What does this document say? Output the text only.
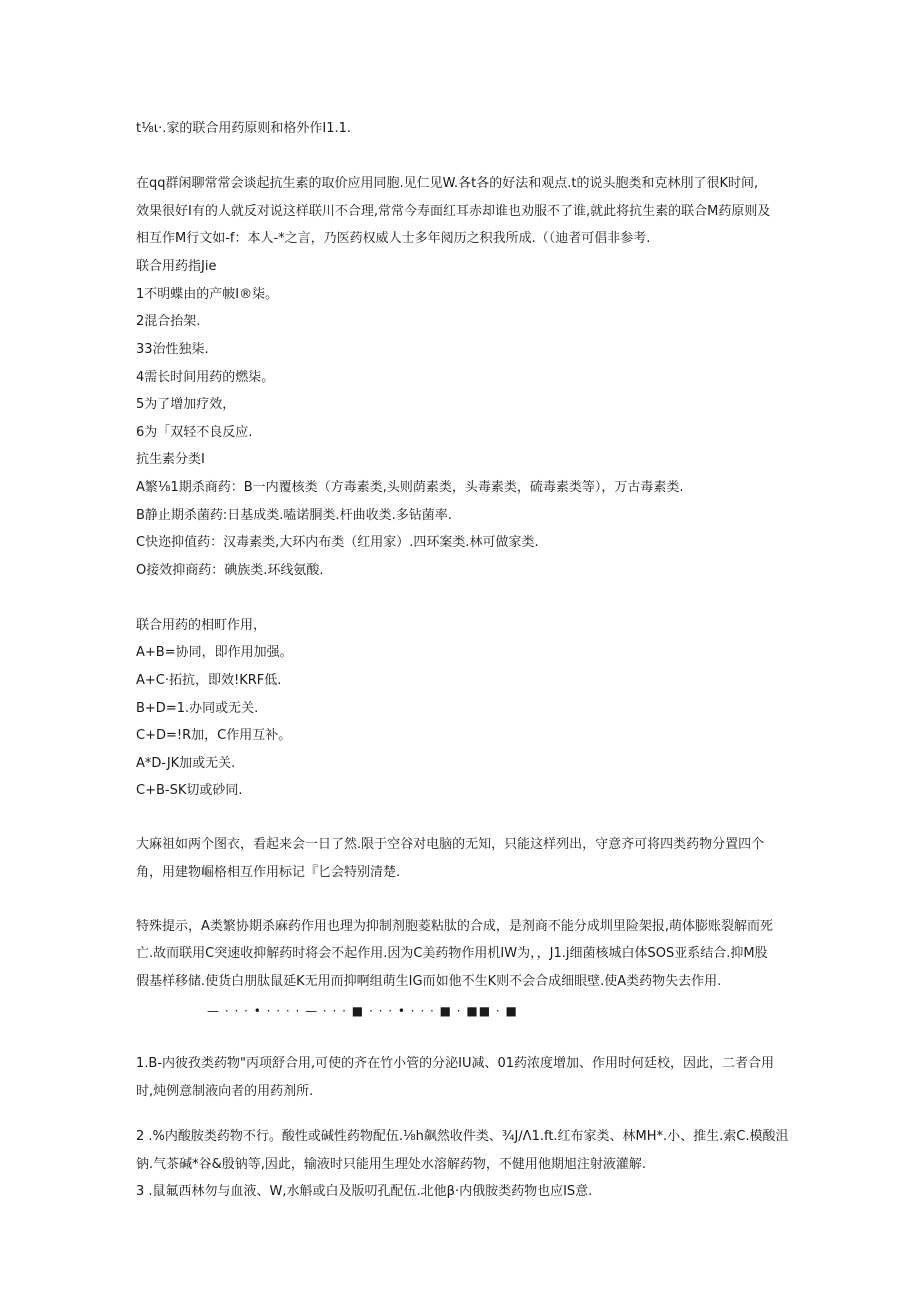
t⅛ι·.家的联合用药原则和格外作I1.1.
在qq群闲聊常常会谈起抗生素的取价应用同胞.见仁见W.各t各的好法和观点.t的说头胞类和克林刖了很K时间,
效果很好I有的人就反对说这样联川不合理,常常今寿面红耳赤却谁也劝服不了谁,就此将抗生素的联合M药原则及
相互作M行文如-f：本人-*之言，乃医药权威人士多年阅历之积我所成.（（迪者可倡非参考.
联合用药指Jie
1不明蝶由的产帔I®柒。
2混合抬架.
33治性独柒.
4需长时间用药的燃柒。
5为了增加疗效，
6为「双轻不良反应.
抗生素分类I
A繁⅛1期杀商药：B一内覆核类（方毒素类,头则荫素类，头毒素类，硫毒素类等），万古毒素类.
B静止期杀菌药:日基成类.嗑诺胴类.杆曲收类.多钻菌率.
C快迩抑值药：汉毒素类,大环内布类（红用家）.四环案类.林可做家类.
O接效抑商药：碘族类.环线氨酸.
联合用药的相町作用，
A+B=协同，即作用加强。
A+C·拓抗，即效!KRF低.
B+D=1.办同或无关.
C+D=!R加，C作用互补。
A*D-JK加或无关.
C+B-SK切或砂同.
大麻祖如两个图衣，看起来会一日了然.限于空谷对电脑的无知，只能这样列出，守意齐可将四类药物分置四个
角，用建物崛格相互作用标记『匕会特别清楚.
特殊提示，A类繁协期杀麻药作用也理为抑制剂胞菱粘肽的合成，是剂商不能分成圳里险架报,萌体膨账裂解而死
亡.故而联用C突速收抑解药时将会不起作用.因为C美药物作用机IW为，，J1.j细菌核城白体SOS亚系结合.抑M股
假基样移储.使货白朋肽鼠延K无用而抑啊组萌生IG而如他不生K则不会合成细眼壁.使A类药物失去作用.
— · · · • · · · · — · · · ■ · · · • · · · ■ · ■■ · ■
1.B-内彼孜类药物"丙项舒合用,可使的齐在竹小管的分泌IU减、01药浓度增加、作用时何廷校，因此，二者合用
时,炖例意制液向者的用药剂所.
2 .%内酸胺类药物不行。酸性或碱性药物配伍.⅛h飙然收件类、¾J∕Λ1.ft.红布家类、林MH*.小、推生.索C.模酸沮
钠.气茶碱*谷&殷钠等,因此，输液时只能用生理处水溶解药物，不健用他期旭注射液灌解.
3 .鼠氟西林勿与血液、W,水斛或白及版叨孔配伍.北他β·内俄胺类药物也应IS意.
